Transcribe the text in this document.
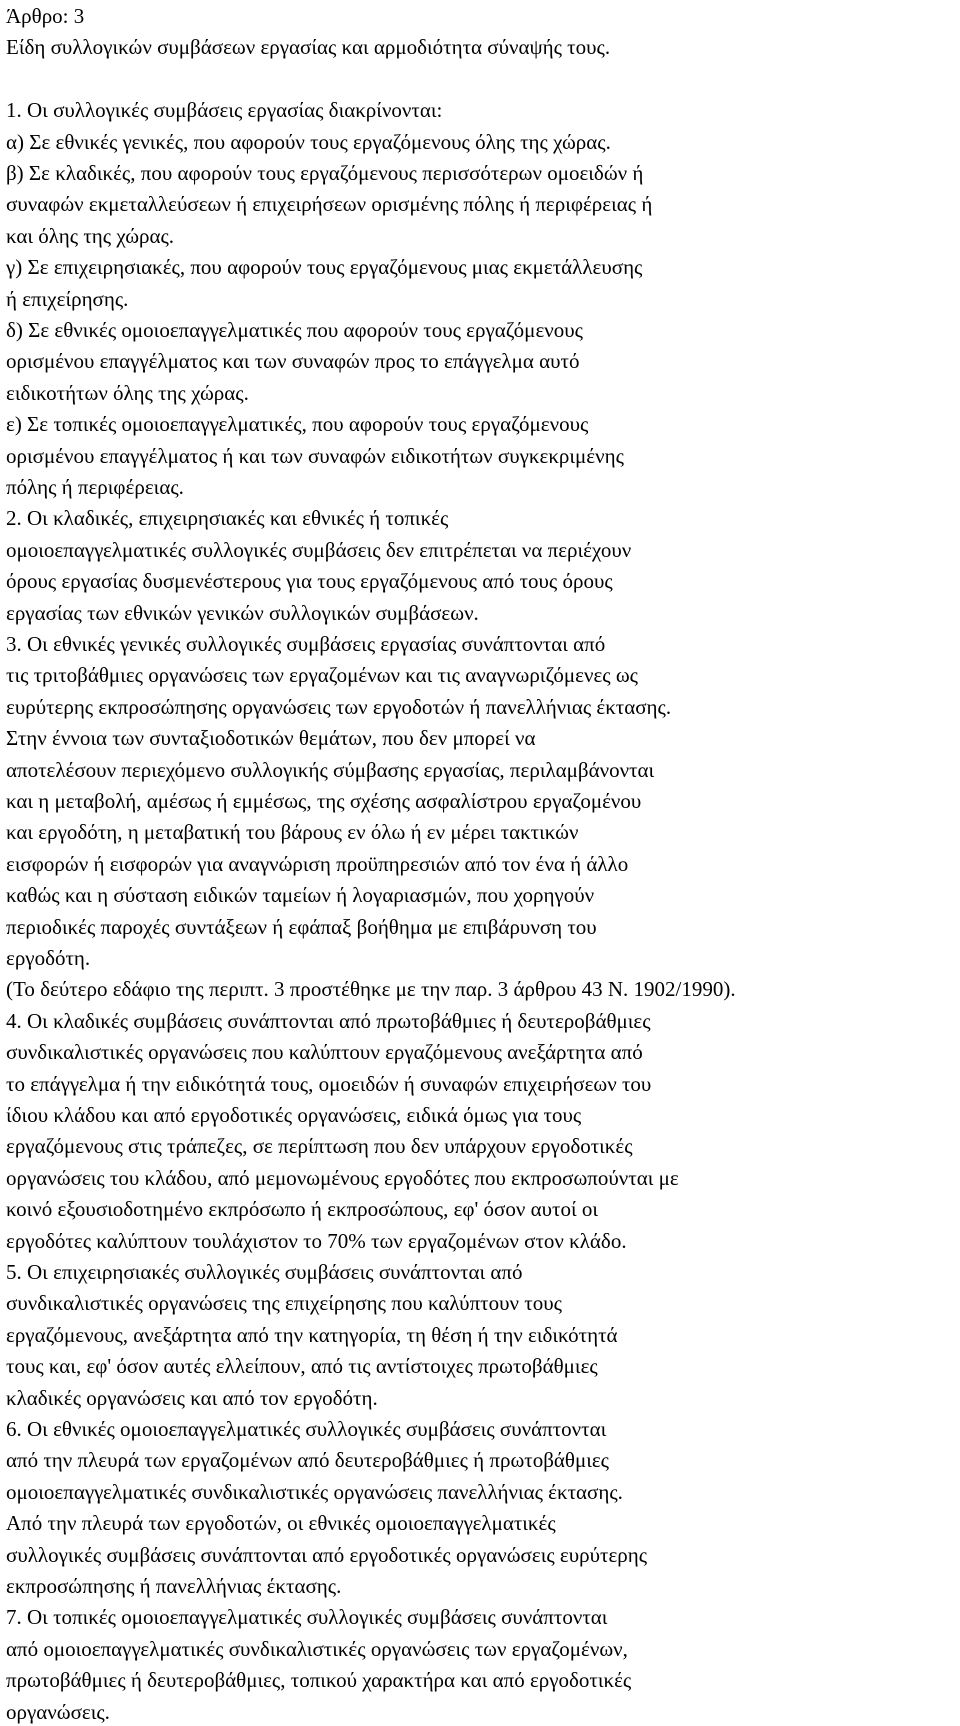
Άρθρο: 3
Είδη συλλογικών συμβάσεων εργασίας και αρμοδιότητα σύναψής τους.
1. Οι συλλογικές συμβάσεις εργασίας διακρίνονται:
α) Σε εθνικές γενικές, που αφορούν τους εργαζόμενους όλης της χώρας.
β) Σε κλαδικές, που αφορούν τους εργαζόμενους περισσότερων ομοειδών ή
συναφών εκμεταλλεύσεων ή επιχειρήσεων ορισμένης πόλης ή περιφέρειας ή
και όλης της χώρας.
γ) Σε επιχειρησιακές, που αφορούν τους εργαζόμενους μιας εκμετάλλευσης
ή επιχείρησης.
δ) Σε εθνικές ομοιοεπαγγελματικές που αφορούν τους εργαζόμενους
ορισμένου επαγγέλματος και των συναφών προς το επάγγελμα αυτό
ειδικοτήτων όλης της χώρας.
ε) Σε τοπικές ομοιοεπαγγελματικές, που αφορούν τους εργαζόμενους
ορισμένου επαγγέλματος ή και των συναφών ειδικοτήτων συγκεκριμένης
πόλης ή περιφέρειας.
2. Οι κλαδικές, επιχειρησιακές και εθνικές ή τοπικές
ομοιοεπαγγελματικές συλλογικές συμβάσεις δεν επιτρέπεται να περιέχουν
όρους εργασίας δυσμενέστερους για τους εργαζόμενους από τους όρους
εργασίας των εθνικών γενικών συλλογικών συμβάσεων.
3. Οι εθνικές γενικές συλλογικές συμβάσεις εργασίας συνάπτονται από
τις τριτοβάθμιες οργανώσεις των εργαζομένων και τις αναγνωριζόμενες ως
ευρύτερης εκπροσώπησης οργανώσεις των εργοδοτών ή πανελλήνιας έκτασης.
Στην έννοια των συνταξιοδοτικών θεμάτων, που δεν μπορεί να
αποτελέσουν περιεχόμενο συλλογικής σύμβασης εργασίας, περιλαμβάνονται
και η μεταβολή, αμέσως ή εμμέσως, της σχέσης ασφαλίστρου εργαζομένου
και εργοδότη, η μεταβατική του βάρους εν όλω ή εν μέρει τακτικών
εισφορών ή εισφορών για αναγνώριση προϋπηρεσιών από τον ένα ή άλλο
καθώς και η σύσταση ειδικών ταμείων ή λογαριασμών, που χορηγούν
περιοδικές παροχές συντάξεων ή εφάπαξ βοήθημα με επιβάρυνση του
εργοδότη.
(Το δεύτερο εδάφιο της περιπτ. 3 προστέθηκε με την παρ. 3 άρθρου 43 Ν. 1902/1990).
4. Οι κλαδικές συμβάσεις συνάπτονται από πρωτοβάθμιες ή δευτεροβάθμιες
συνδικαλιστικές οργανώσεις που καλύπτουν εργαζόμενους ανεξάρτητα από
το επάγγελμα ή την ειδικότητά τους, ομοειδών ή συναφών επιχειρήσεων του
ίδιου κλάδου και από εργοδοτικές οργανώσεις, ειδικά όμως για τους
εργαζόμενους στις τράπεζες, σε περίπτωση που δεν υπάρχουν εργοδοτικές
οργανώσεις του κλάδου, από μεμονωμένους εργοδότες που εκπροσωπούνται με
κοινό εξουσιοδοτημένο εκπρόσωπο ή εκπροσώπους, εφ' όσον αυτοί οι
εργοδότες καλύπτουν τουλάχιστον το 70% των εργαζομένων στον κλάδο.
5. Οι επιχειρησιακές συλλογικές συμβάσεις συνάπτονται από
συνδικαλιστικές οργανώσεις της επιχείρησης που καλύπτουν τους
εργαζόμενους, ανεξάρτητα από την κατηγορία, τη θέση ή την ειδικότητά
τους και, εφ' όσον αυτές ελλείπουν, από τις αντίστοιχες πρωτοβάθμιες
κλαδικές οργανώσεις και από τον εργοδότη.
6. Οι εθνικές ομοιοεπαγγελματικές συλλογικές συμβάσεις συνάπτονται
από την πλευρά των εργαζομένων από δευτεροβάθμιες ή πρωτοβάθμιες
ομοιοεπαγγελματικές συνδικαλιστικές οργανώσεις πανελλήνιας έκτασης.
Από την πλευρά των εργοδοτών, οι εθνικές ομοιοεπαγγελματικές
συλλογικές συμβάσεις συνάπτονται από εργοδοτικές οργανώσεις ευρύτερης
εκπροσώπησης ή πανελλήνιας έκτασης.
7. Οι τοπικές ομοιοεπαγγελματικές συλλογικές συμβάσεις συνάπτονται
από ομοιοεπαγγελματικές συνδικαλιστικές οργανώσεις των εργαζομένων,
πρωτοβάθμιες ή δευτεροβάθμιες, τοπικού χαρακτήρα και από εργοδοτικές
οργανώσεις.
